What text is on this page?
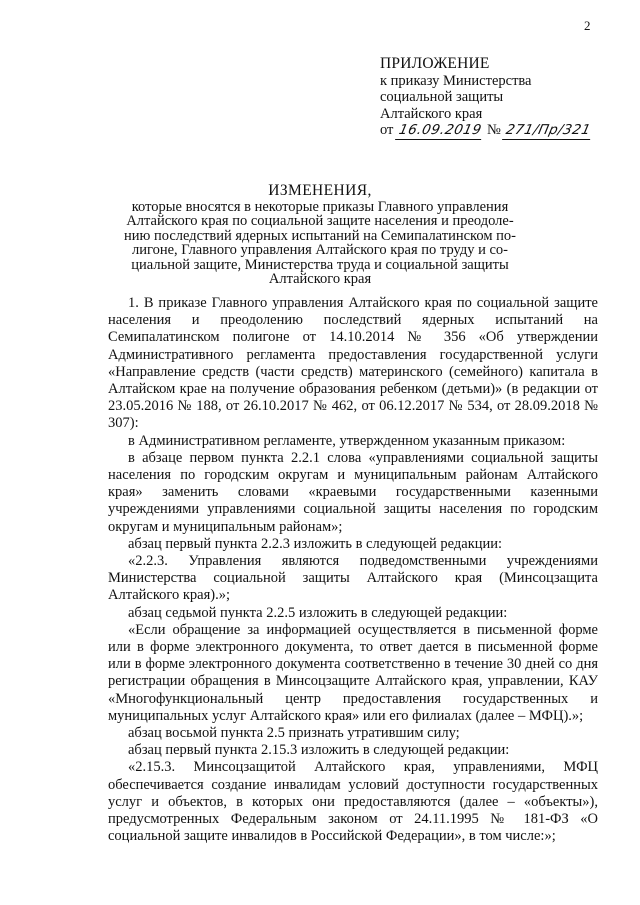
2
ПРИЛОЖЕНИЕ
к приказу Министерства
социальной защиты
Алтайского края
от 16.09.2019 № 271/Пр/321
ИЗМЕНЕНИЯ,
которые вносятся в некоторые приказы Главного управления
Алтайского края по социальной защите населения и преодоле-
нию последствий ядерных испытаний на Семипалатинском по-
лигоне, Главного управления Алтайского края по труду и со-
циальной защите, Министерства труда и социальной защиты
Алтайского края

1. В приказе Главного управления Алтайского края по социальной защите населения и преодолению последствий ядерных испытаний на Семипалатинском полигоне от 14.10.2014 № 356 «Об утверждении Административного регламента предоставления государственной услуги «Направление средств (части средств) материнского (семейного) капитала в Алтайском крае на получение образования ребенком (детьми)» (в редакции от 23.05.2016 № 188, от 26.10.2017 № 462, от 06.12.2017 № 534, от 28.09.2018 № 307):

в Административном регламенте, утвержденном указанным приказом:

в абзаце первом пункта 2.2.1 слова «управлениями социальной защиты населения по городским округам и муниципальным районам Алтайского края» заменить словами «краевыми государственными казенными учреждениями управлениями социальной защиты населения по городским округам и муниципальным районам»;

абзац первый пункта 2.2.3 изложить в следующей редакции:

«2.2.3. Управления являются подведомственными учреждениями Министерства социальной защиты Алтайского края (Минсоцзащита Алтайского края).»;

абзац седьмой пункта 2.2.5 изложить в следующей редакции:

«Если обращение за информацией осуществляется в письменной форме или в форме электронного документа, то ответ дается в письменной форме или в форме электронного документа соответственно в течение 30 дней со дня регистрации обращения в Минсоцзащите Алтайского края, управлении, КАУ «Многофункциональный центр предоставления государственных и муниципальных услуг Алтайского края» или его филиалах (далее – МФЦ).»;

абзац восьмой пункта 2.5 признать утратившим силу;

абзац первый пункта 2.15.3 изложить в следующей редакции:

«2.15.3. Минсоцзащитой Алтайского края, управлениями, МФЦ обеспечивается создание инвалидам условий доступности государственных услуг и объектов, в которых они предоставляются (далее – «объекты»), предусмотренных Федеральным законом от 24.11.1995 № 181-ФЗ «О социальной защите инвалидов в Российской Федерации», в том числе:»;
